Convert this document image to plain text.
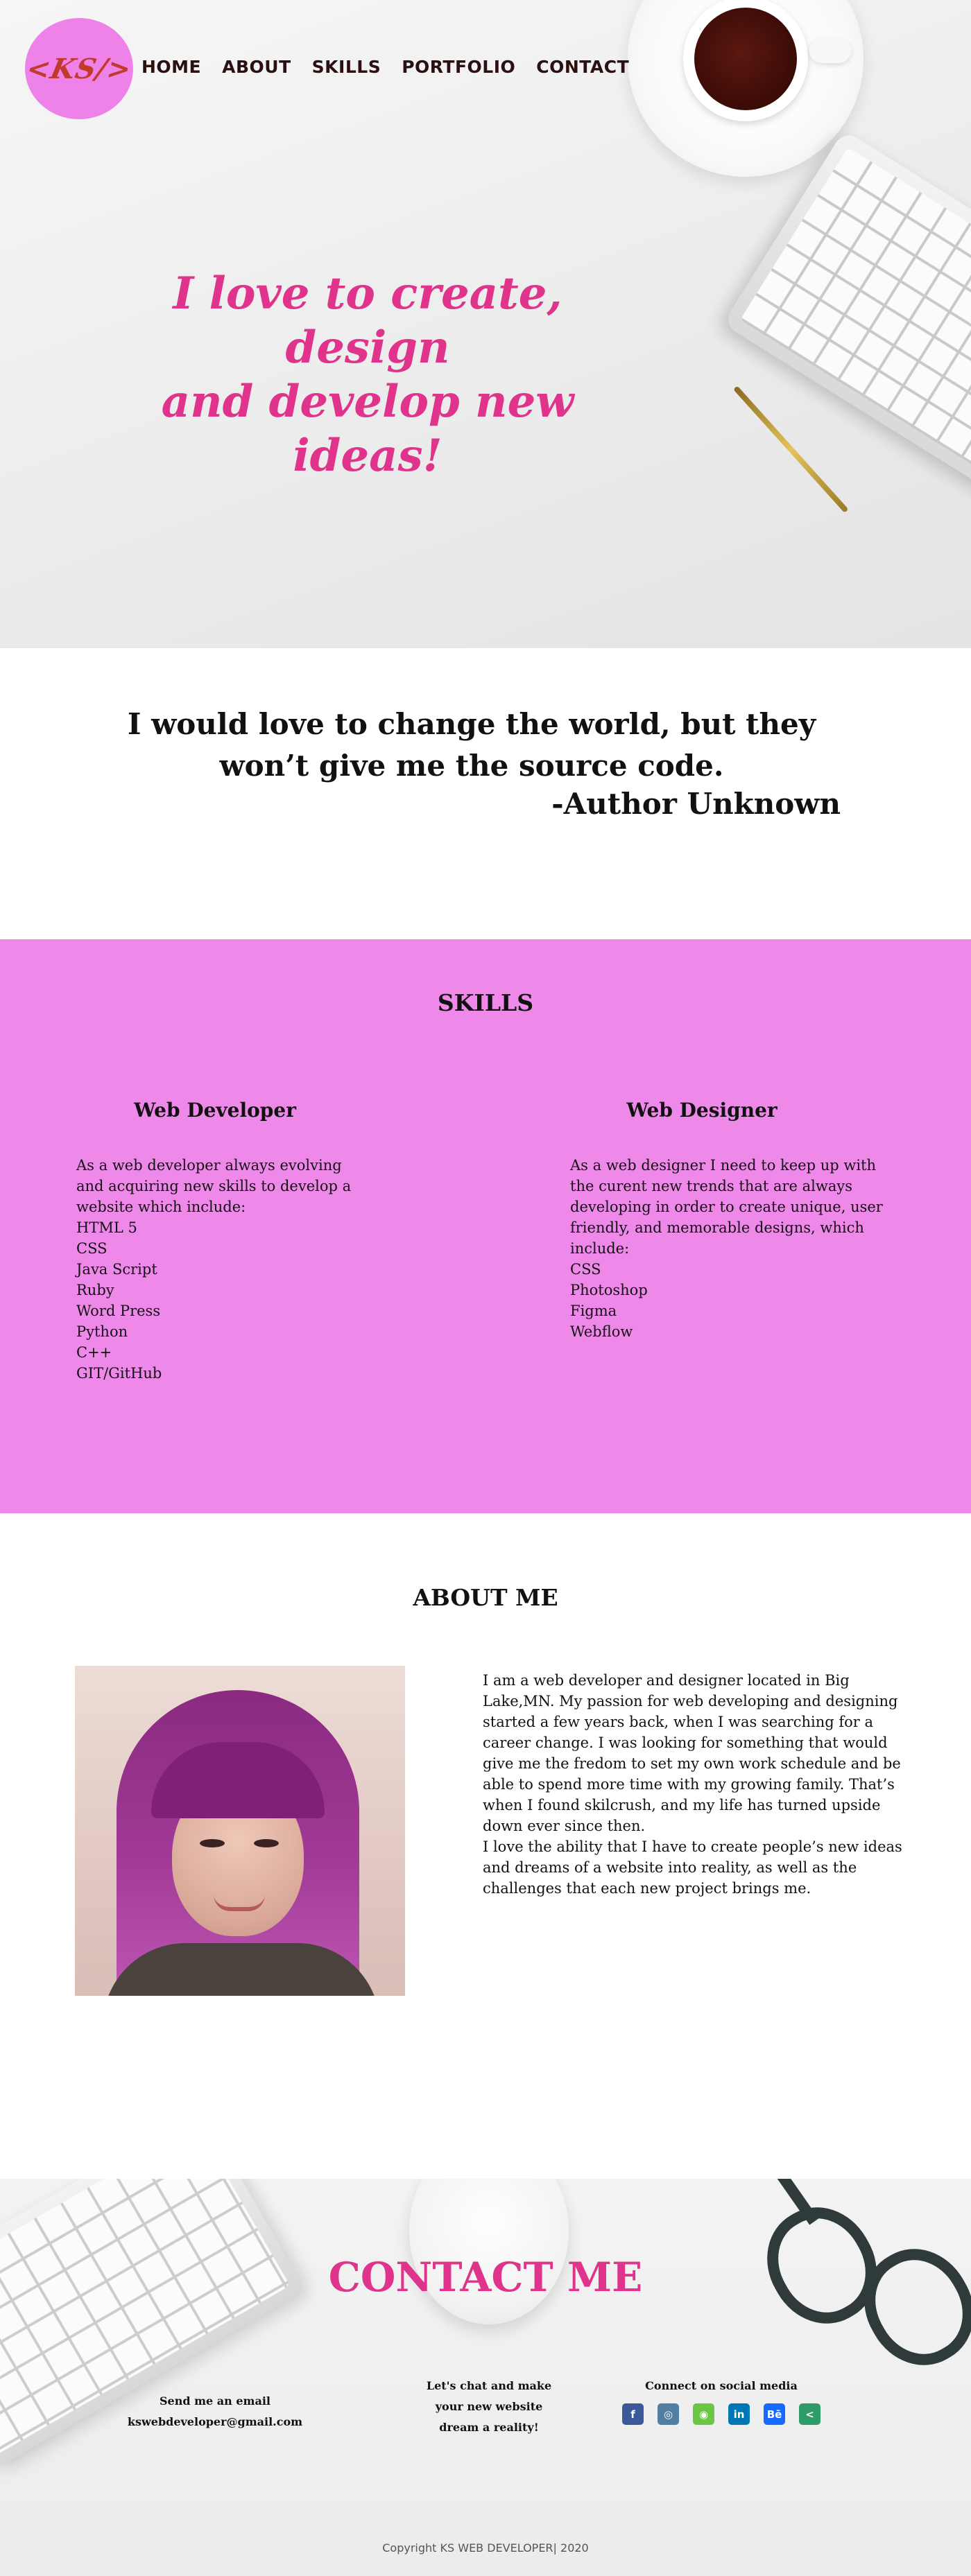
<KS/> HOME ABOUT SKILLS PORTFOLIO CONTACT
I love to create, design
and develop new ideas!
I would love to change the world, but they
won’t give me the source code.
-Author Unknown
SKILLS
Web Developer

As a web developer always evolving and acquiring new skills to develop a website which include:

HTML 5
CSS
Java Script
Ruby
Word Press
Python
C++
GIT/GitHub
Web Designer

As a web designer I need to keep up with the curent new trends that are always developing in order to create unique, user friendly, and memorable designs, which include:

CSS
Photoshop
Figma
Webflow
ABOUT ME
I am a web developer and designer located in Big Lake,MN. My passion for web developing and designing started a few years back, when I was searching for a career change. I was looking for something that would give me the fredom to set my own work schedule and be able to spend more time with my growing family. That’s when I found skilcrush, and my life has turned upside down ever since then.
I love the ability that I have to create people’s new ideas and dreams of a website into reality, as well as the challenges that each new project brings me.
CONTACT ME
Send me an email
kswebdeveloper@gmail.com
Let's chat and make your new website dream a reality!
Connect on social media
f	◎	◉	in	Bē	<
Copyright KS WEB DEVELOPER| 2020
